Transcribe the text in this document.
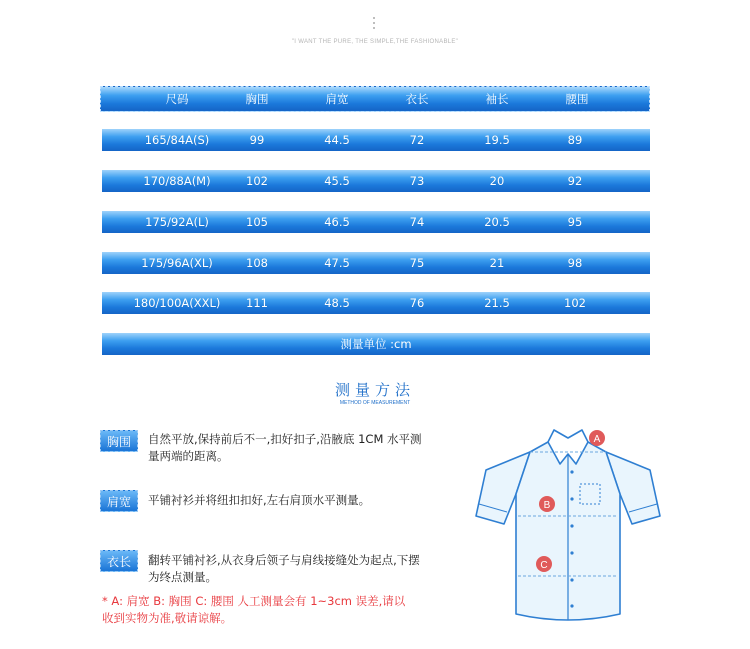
"I WANT THE PURE, THE SIMPLE,THE FASHIONABLE"
尺码	胸围	肩宽	衣长	袖长	腰围
165/84A(S)	99	44.5	72	19.5	89
170/88A(M)	102	45.5	73	20	92
175/92A(L)	105	46.5	74	20.5	95
175/96A(XL)	108	47.5	75	21	98
180/100A(XXL)	111	48.5	76	21.5	102
测量单位 :cm
测量方法
METHOD OF MEASUREMENT
胸围	自然平放,保持前后不一,扣好扣子,沿腋底 1CM 水平测
量两端的距离。
肩宽	平铺衬衫并将纽扣扣好,左右肩顶水平测量。
衣长	翻转平铺衬衫,从衣身后领子与肩线接缝处为起点,下摆
为终点测量。
* A: 肩宽 B: 胸围 C: 腰围 人工测量会有 1~3cm 误差,请以
收到实物为准,敬请谅解。
A
B
C
